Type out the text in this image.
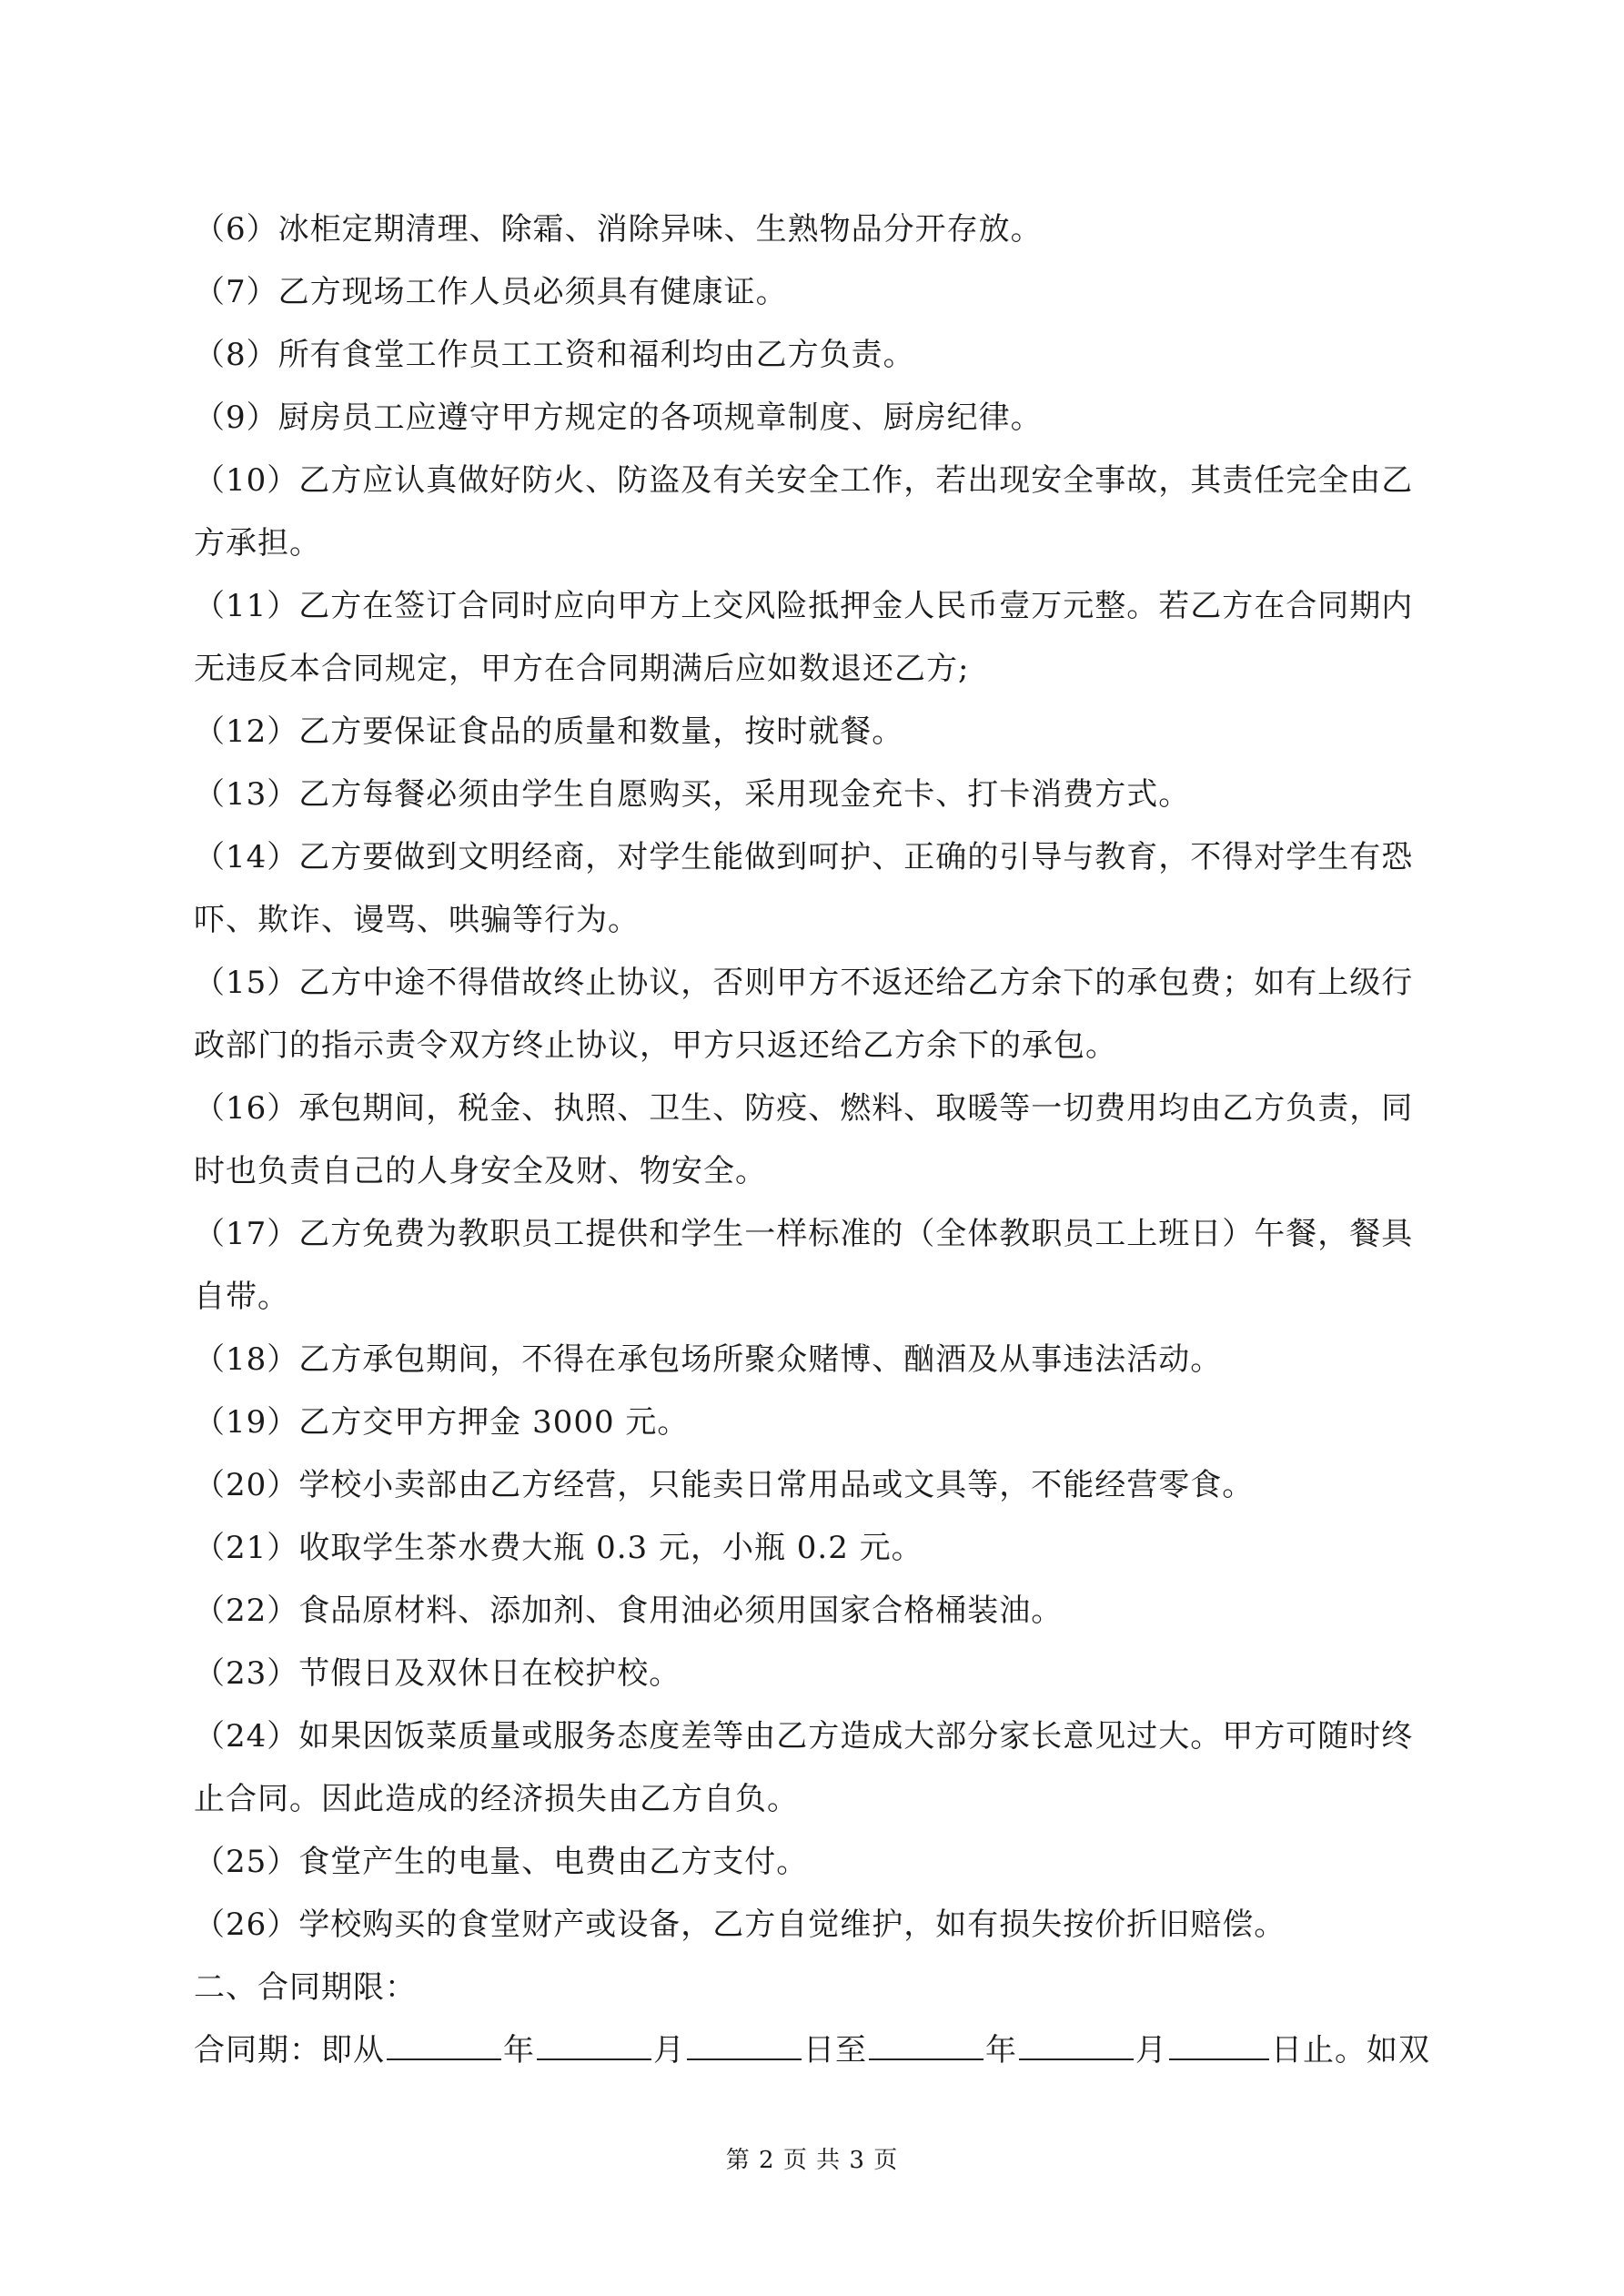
（6）冰柜定期清理、除霜、消除异味、生熟物品分开存放。
（7）乙方现场工作人员必须具有健康证。
（8）所有食堂工作员工工资和福利均由乙方负责。
（9）厨房员工应遵守甲方规定的各项规章制度、厨房纪律。
（10）乙方应认真做好防火、防盗及有关安全工作，若出现安全事故，其责任完全由乙
方承担。
（11）乙方在签订合同时应向甲方上交风险抵押金人民币壹万元整。若乙方在合同期内
无违反本合同规定，甲方在合同期满后应如数退还乙方;
（12）乙方要保证食品的质量和数量，按时就餐。
（13）乙方每餐必须由学生自愿购买，采用现金充卡、打卡消费方式。
（14）乙方要做到文明经商，对学生能做到呵护、正确的引导与教育，不得对学生有恐
吓、欺诈、谩骂、哄骗等行为。
（15）乙方中途不得借故终止协议，否则甲方不返还给乙方余下的承包费；如有上级行
政部门的指示责令双方终止协议，甲方只返还给乙方余下的承包。
（16）承包期间，税金、执照、卫生、防疫、燃料、取暖等一切费用均由乙方负责，同
时也负责自己的人身安全及财、物安全。
（17）乙方免费为教职员工提供和学生一样标准的（全体教职员工上班日）午餐，餐具
自带。
（18）乙方承包期间，不得在承包场所聚众赌博、酗酒及从事违法活动。
（19）乙方交甲方押金 3000 元。
（20）学校小卖部由乙方经营，只能卖日常用品或文具等，不能经营零食。
（21）收取学生茶水费大瓶 0.3 元，小瓶 0.2 元。
（22）食品原材料、添加剂、食用油必须用国家合格桶装油。
（23）节假日及双休日在校护校。
（24）如果因饭菜质量或服务态度差等由乙方造成大部分家长意见过大。甲方可随时终
止合同。因此造成的经济损失由乙方自负。
（25）食堂产生的电量、电费由乙方支付。
（26）学校购买的食堂财产或设备，乙方自觉维护，如有损失按价折旧赔偿。
二、合同期限：
合同期：即从	年	月	日至	年	月	日止。如双
第 2 页 共 3 页
